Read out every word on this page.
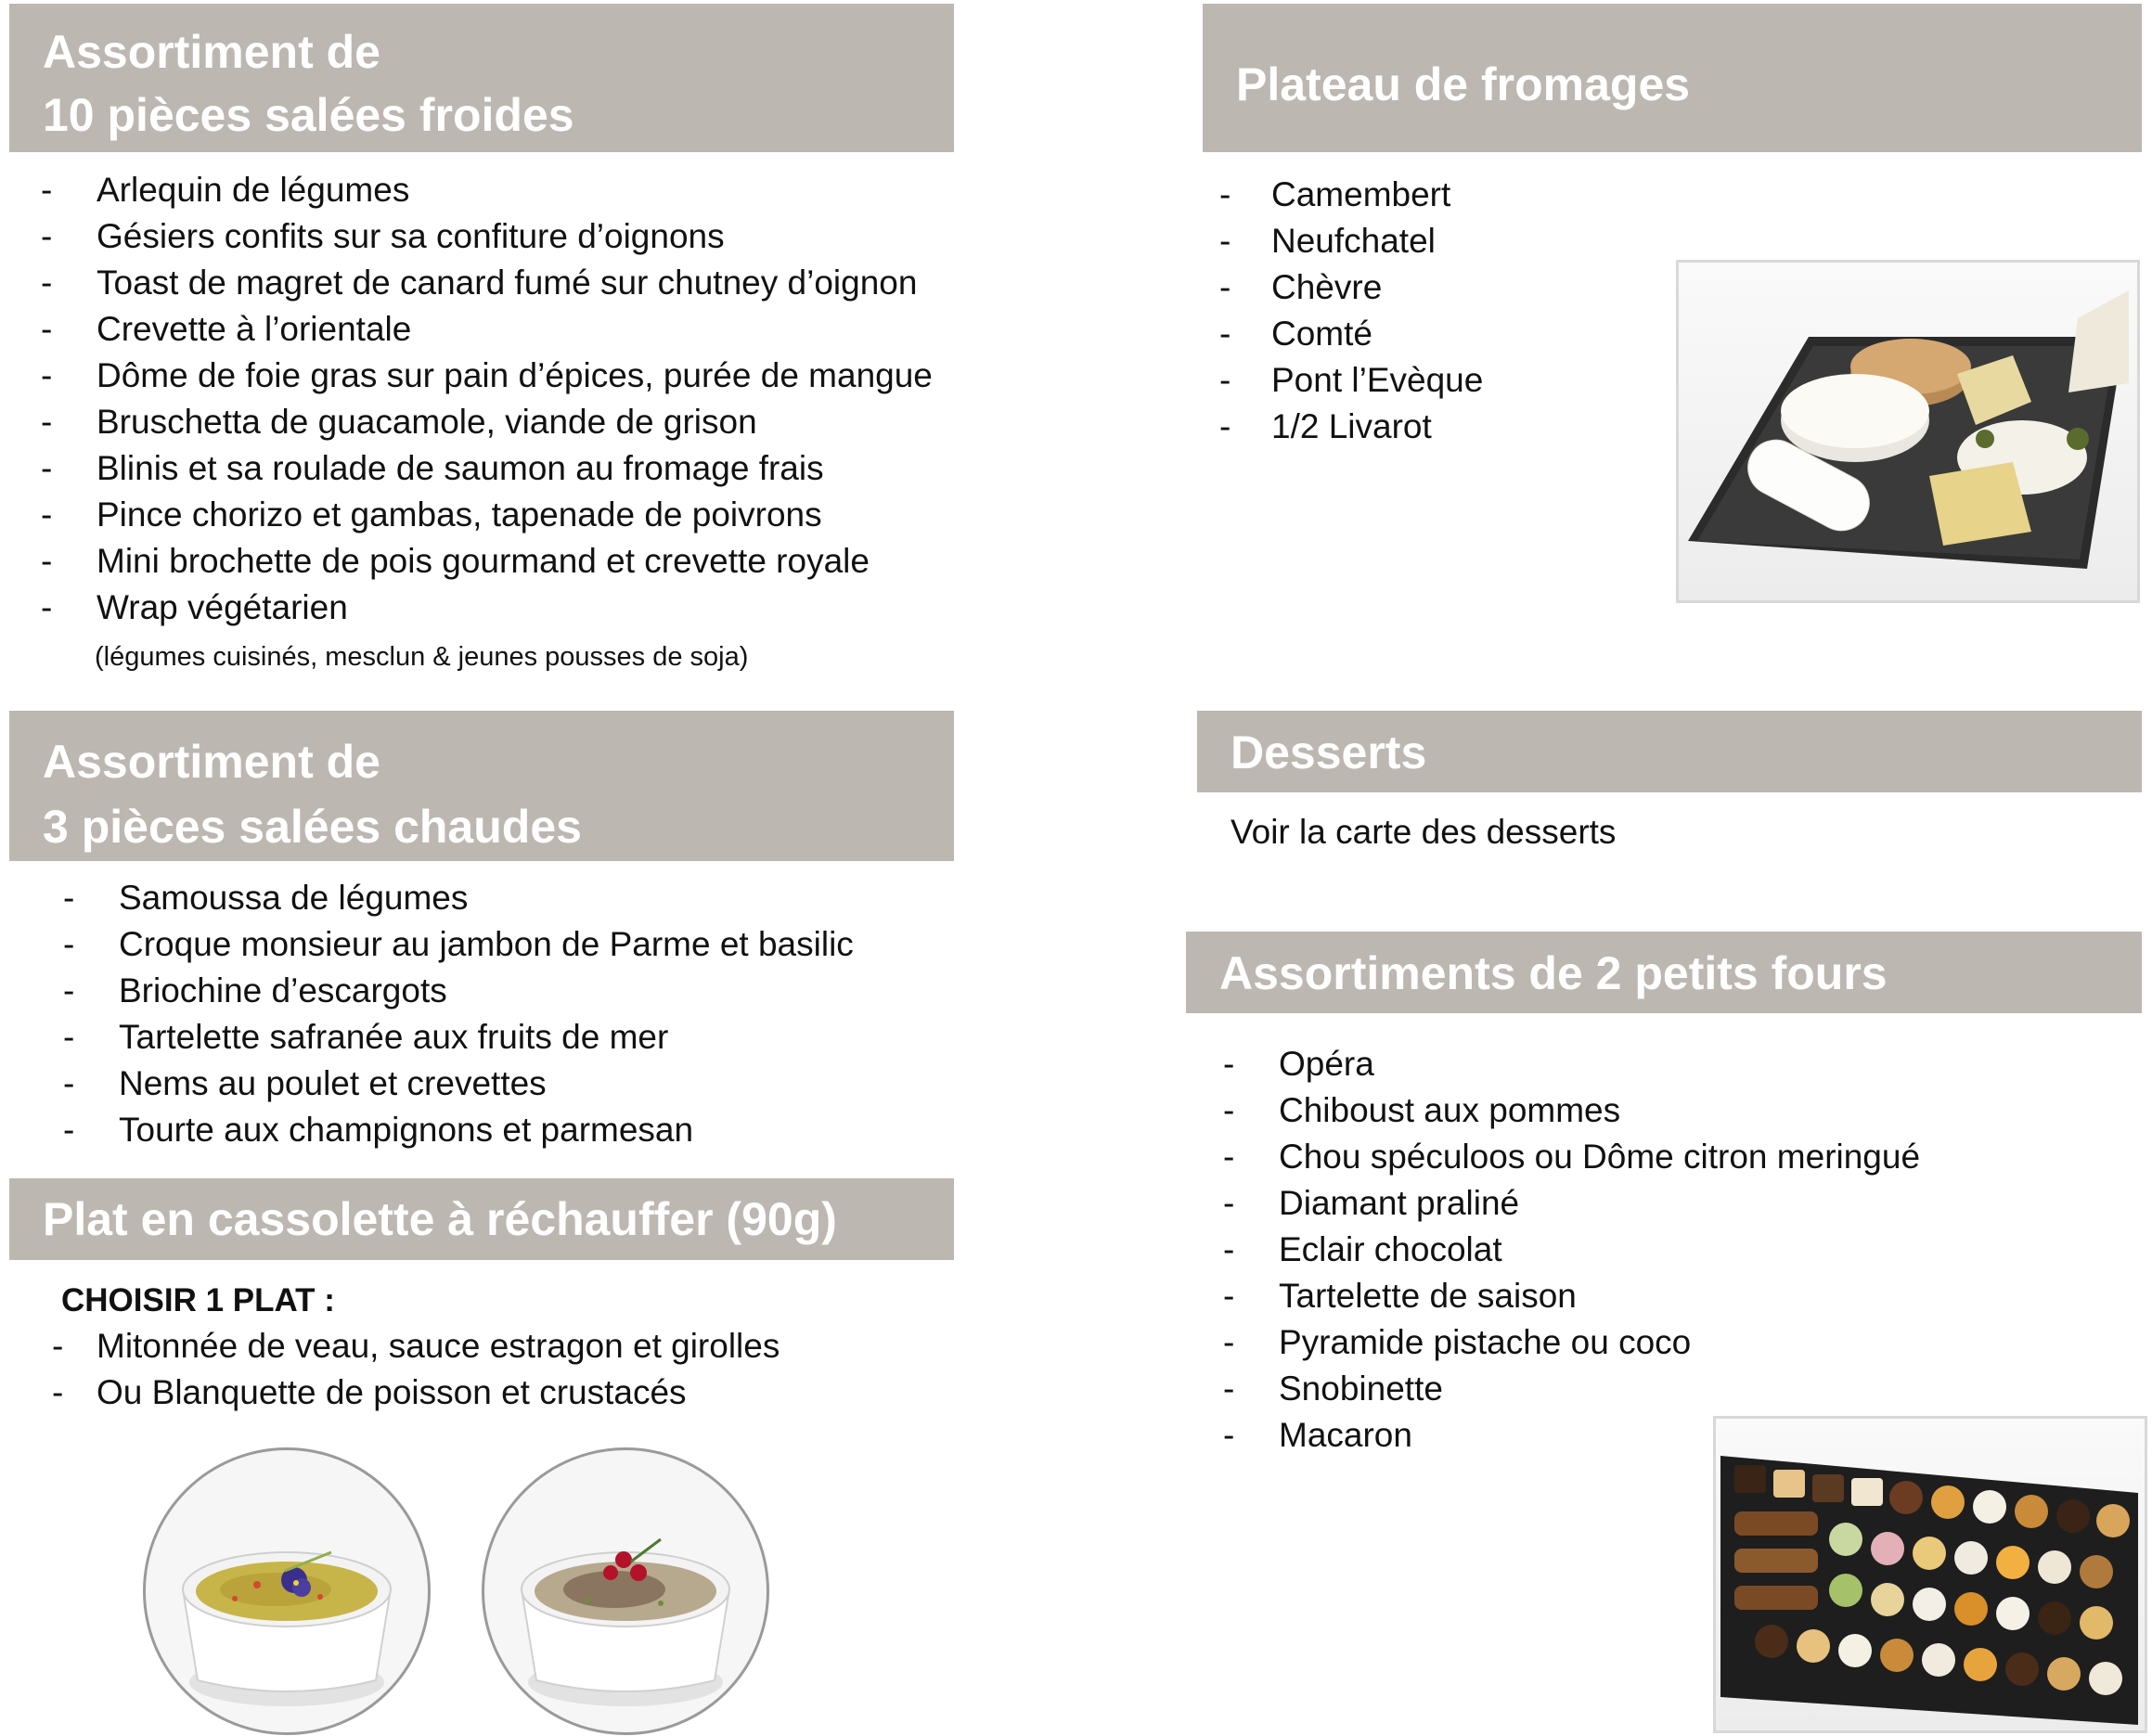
Assortiment de
10 pièces salées froides
- Arlequin de légumes
- Gésiers confits sur sa confiture d’oignons
- Toast de magret de canard fumé sur chutney d’oignon
- Crevette à l’orientale
- Dôme de foie gras sur pain d’épices, purée de mangue
- Bruschetta de guacamole, viande de grison
- Blinis et sa roulade de saumon au fromage frais
- Pince chorizo et gambas, tapenade de poivrons
- Mini brochette de pois gourmand et crevette royale
- Wrap végétarien
(légumes cuisinés, mesclun & jeunes pousses de soja)
Assortiment de
3 pièces salées chaudes
- Samoussa de légumes
- Croque monsieur au jambon de Parme et basilic
- Briochine d’escargots
- Tartelette safranée aux fruits de mer
- Nems au poulet et crevettes
- Tourte aux champignons et parmesan
Plat en cassolette à réchauffer (90g)
CHOISIR 1 PLAT :
- Mitonnée de veau, sauce estragon et girolles
- Ou Blanquette de poisson et crustacés
Plateau de fromages
- Camembert
- Neufchatel
- Chèvre
- Comté
- Pont l’Evèque
- 1/2 Livarot
Desserts
Voir la carte des desserts
Assortiments de 2 petits fours
- Opéra
- Chiboust aux pommes
- Chou spéculoos ou Dôme citron meringué
- Diamant praliné
- Eclair chocolat
- Tartelette de saison
- Pyramide pistache ou coco
- Snobinette
- Macaron
